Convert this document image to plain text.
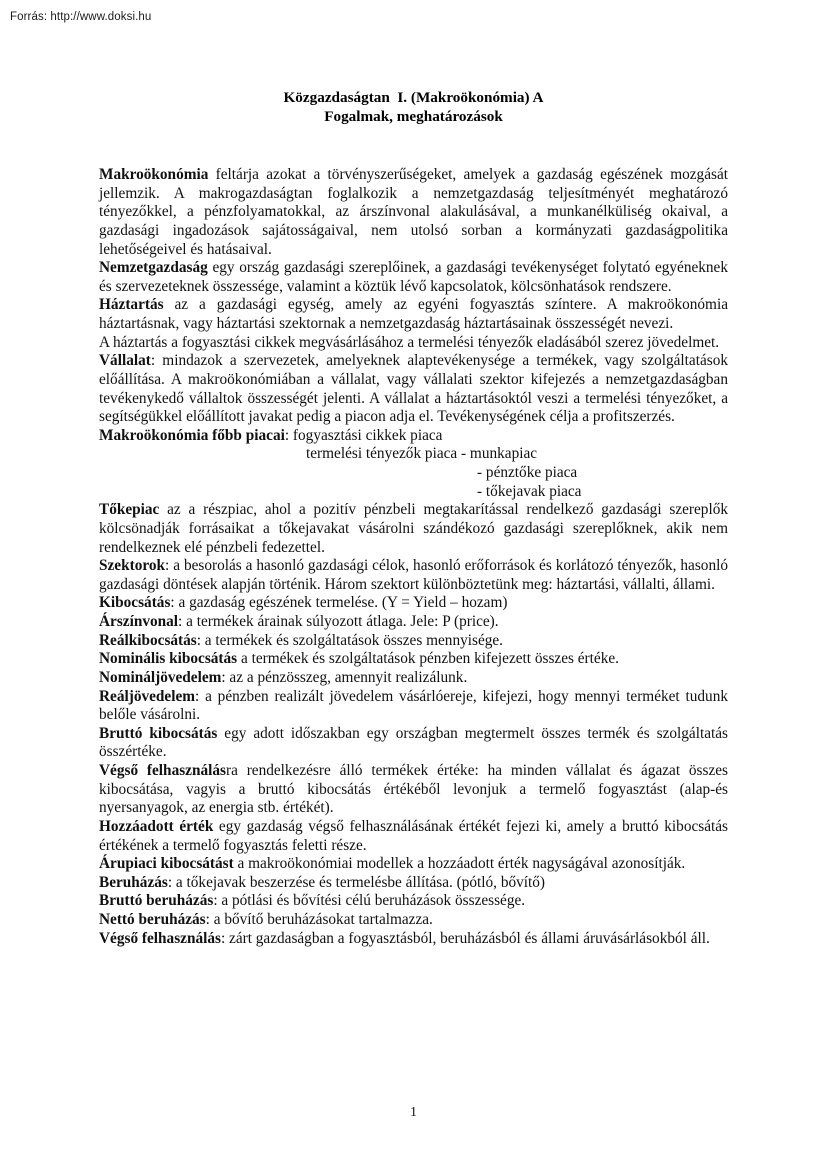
Forrás: http://www.doksi.hu
Közgazdaságtan  I. (Makroökonómia) A
Fogalmak, meghatározások

Makroökonómia feltárja azokat a törvényszerűségeket, amelyek a gazdaság egészének mozgását jellemzik. A makrogazdaságtan foglalkozik a nemzetgazdaság teljesítményét meghatározó tényezőkkel, a pénzfolyamatokkal, az árszínvonal alakulásával, a munkanélküliség okaival, a gazdasági ingadozások sajátosságaival, nem utolsó sorban a kormányzati gazdaságpolitika lehetőségeivel és hatásaival.

Nemzetgazdaság egy ország gazdasági szereplőinek, a gazdasági tevékenységet folytató egyéneknek és szervezeteknek összessége, valamint a köztük lévő kapcsolatok, kölcsönhatások rendszere.

Háztartás az a gazdasági egység, amely az egyéni fogyasztás színtere. A makroökonómia háztartásnak, vagy háztartási szektornak a nemzetgazdaság háztartásainak összességét nevezi.

A háztartás a fogyasztási cikkek megvásárlásához a termelési tényezők eladásából szerez jövedelmet.

Vállalat: mindazok a szervezetek, amelyeknek alaptevékenysége a termékek, vagy szolgáltatások előállítása. A makroökonómiában a vállalat, vagy vállalati szektor kifejezés a nemzetgazdaságban tevékenykedő vállaltok összességét jelenti. A vállalat a háztartásoktól veszi a termelési tényezőket, a segítségükkel előállított javakat pedig a piacon adja el. Tevékenységének célja a profitszerzés.

Makroökonómia főbb piacai: fogyasztási cikkek piaca

termelési tényezők piaca - munkapiac
- pénztőke piaca
- tőkejavak piaca

Tőkepiac az a részpiac, ahol a pozitív pénzbeli megtakarítással rendelkező gazdasági szereplők kölcsönadják forrásaikat a tőkejavakat vásárolni szándékozó gazdasági szereplőknek, akik nem rendelkeznek elé pénzbeli fedezettel.

Szektorok: a besorolás a hasonló gazdasági célok, hasonló erőforrások és korlátozó tényezők, hasonló gazdasági döntések alapján történik. Három szektort különböztetünk meg: háztartási, vállalti, állami.

Kibocsátás: a gazdaság egészének termelése. (Y = Yield – hozam)

Árszínvonal: a termékek árainak súlyozott átlaga. Jele: P (price).

Reálkibocsátás: a termékek és szolgáltatások összes mennyisége.

Nominális kibocsátás a termékek és szolgáltatások pénzben kifejezett összes értéke.

Nomináljövedelem: az a pénzösszeg, amennyit realizálunk.

Reáljövedelem: a pénzben realizált jövedelem vásárlóereje, kifejezi, hogy mennyi terméket tudunk belőle vásárolni.

Bruttó kibocsátás egy adott időszakban egy országban megtermelt összes termék és szolgáltatás összértéke.

Végső felhasználásra rendelkezésre álló termékek értéke: ha minden vállalat és ágazat összes kibocsátása, vagyis a bruttó kibocsátás értékéből levonjuk a termelő fogyasztást (alap-és nyersanyagok, az energia stb. értékét).

Hozzáadott érték egy gazdaság végső felhasználásának értékét fejezi ki, amely a bruttó kibocsátás értékének a termelő fogyasztás feletti része.

Árupiaci kibocsátást a makroökonómiai modellek a hozzáadott érték nagyságával azonosítják.

Beruházás: a tőkejavak beszerzése és termelésbe állítása. (pótló, bővítő)

Bruttó beruházás: a pótlási és bővítési célú beruházások összessége.

Nettó beruházás: a bővítő beruházásokat tartalmazza.

Végső felhasználás: zárt gazdaságban a fogyasztásból, beruházásból és állami áruvásárlásokból áll.

1
